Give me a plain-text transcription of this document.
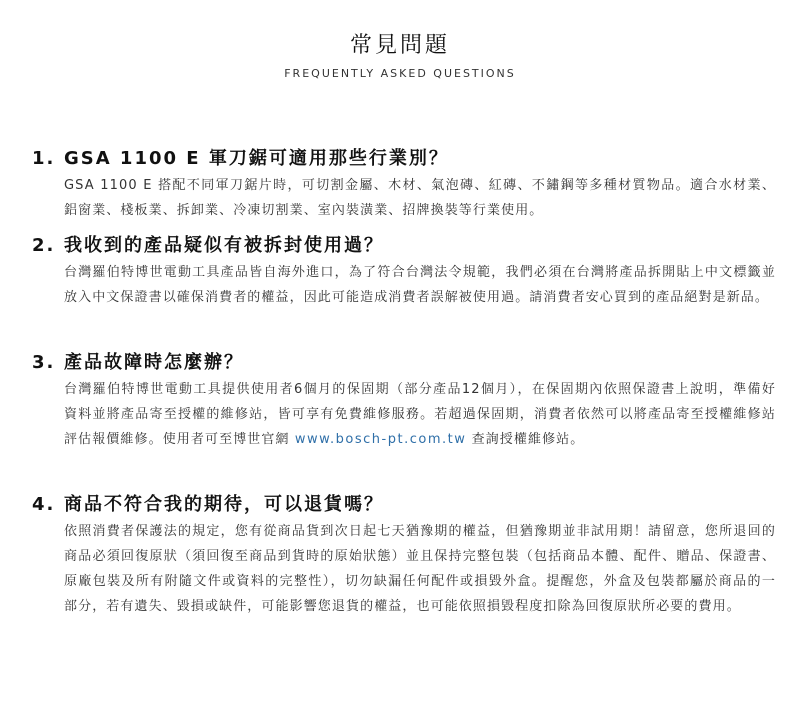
常見問題
FREQUENTLY ASKED QUESTIONS
1. GSA 1100 E 軍刀鋸可適用那些行業別？
GSA 1100 E 搭配不同軍刀鋸片時，可切割金屬、木材、氣泡磚、紅磚、不鏽鋼等多種材質物品。適合水材業、鋁窗業、棧板業、拆卸業、冷凍切割業、室內裝潢業、招牌換裝等行業使用。
2. 我收到的產品疑似有被拆封使用過？
台灣羅伯特博世電動工具產品皆自海外進口，為了符合台灣法令規範，我們必須在台灣將產品拆開貼上中文標籤並放入中文保證書以確保消費者的權益，因此可能造成消費者誤解被使用過。請消費者安心買到的產品絕對是新品。
3. 產品故障時怎麼辦？
台灣羅伯特博世電動工具提供使用者6個月的保固期（部分產品12個月），在保固期內依照保證書上說明，準備好資料並將產品寄至授權的維修站，皆可享有免費維修服務。若超過保固期，消費者依然可以將產品寄至授權維修站評估報價維修。使用者可至博世官網 www.bosch-pt.com.tw 查詢授權維修站。
4. 商品不符合我的期待，可以退貨嗎？
依照消費者保護法的規定，您有從商品貨到次日起七天猶豫期的權益，但猶豫期並非試用期！請留意，您所退回的商品必須回復原狀（須回復至商品到貨時的原始狀態）並且保持完整包裝（包括商品本體、配件、贈品、保證書、原廠包裝及所有附隨文件或資料的完整性），切勿缺漏任何配件或損毀外盒。提醒您，外盒及包裝都屬於商品的一部分，若有遺失、毀損或缺件，可能影響您退貨的權益，也可能依照損毀程度扣除為回復原狀所必要的費用。
